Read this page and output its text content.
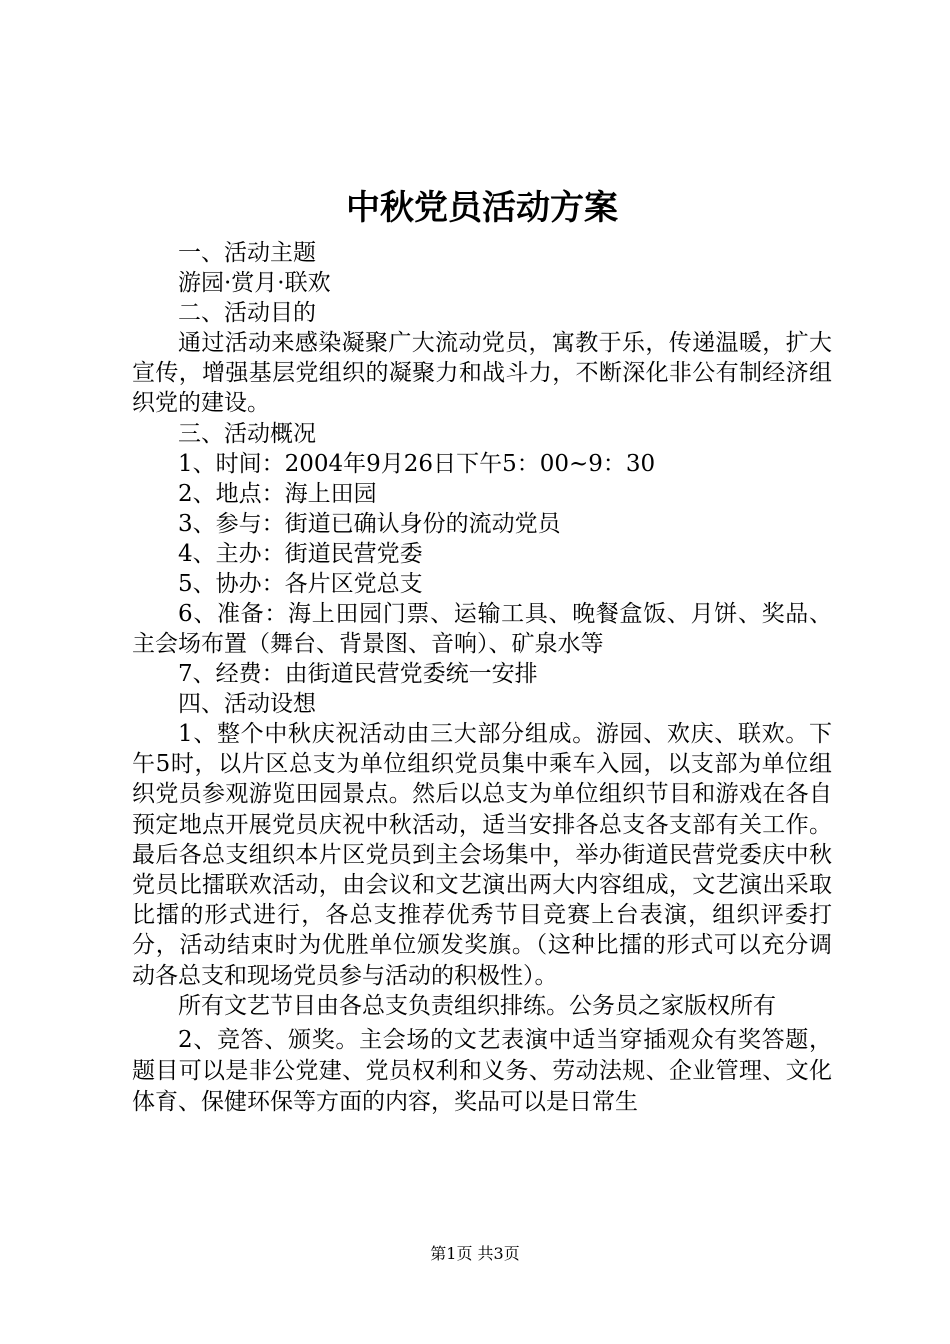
中秋党员活动方案

一、活动主题

游园·赏月·联欢

二、活动目的

通过活动来感染凝聚广大流动党员，寓教于乐，传递温暖，扩大宣传，增强基层党组织的凝聚力和战斗力，不断深化非公有制经济组织党的建设。

三、活动概况

1、时间：2004年9月26日下午5：00~9：30

2、地点：海上田园

3、参与：街道已确认身份的流动党员

4、主办：街道民营党委

5、协办：各片区党总支

6、准备：海上田园门票、运输工具、晚餐盒饭、月饼、奖品、主会场布置（舞台、背景图、音响）、矿泉水等

7、经费：由街道民营党委统一安排

四、活动设想

1、整个中秋庆祝活动由三大部分组成。游园、欢庆、联欢。下午5时，以片区总支为单位组织党员集中乘车入园，以支部为单位组织党员参观游览田园景点。然后以总支为单位组织节目和游戏在各自预定地点开展党员庆祝中秋活动，适当安排各总支各支部有关工作。最后各总支组织本片区党员到主会场集中，举办街道民营党委庆中秋党员比擂联欢活动，由会议和文艺演出两大内容组成，文艺演出采取比擂的形式进行，各总支推荐优秀节目竞赛上台表演，组织评委打分，活动结束时为优胜单位颁发奖旗。（这种比擂的形式可以充分调动各总支和现场党员参与活动的积极性）。

所有文艺节目由各总支负责组织排练。公务员之家版权所有

2、竞答、颁奖。主会场的文艺表演中适当穿插观众有奖答题，题目可以是非公党建、党员权利和义务、劳动法规、企业管理、文化体育、保健环保等方面的内容，奖品可以是日常生

第1页 共3页
